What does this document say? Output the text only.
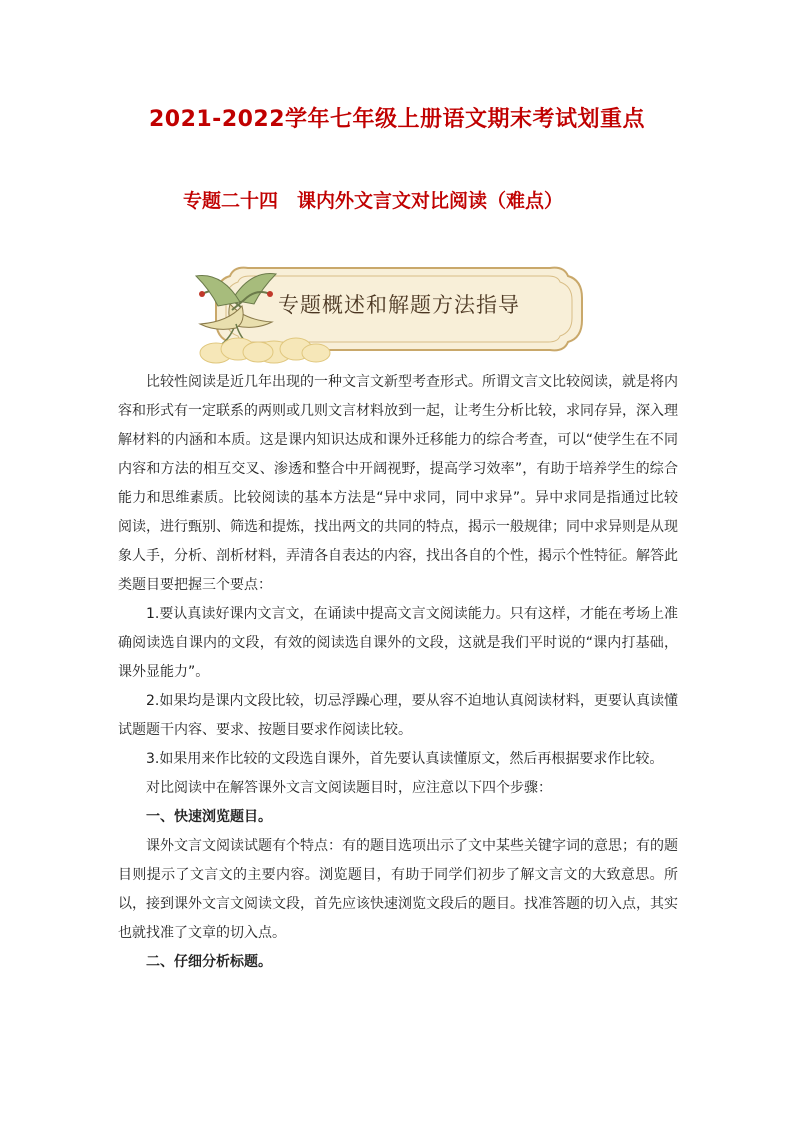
2021-2022学年七年级上册语文期末考试划重点
专题二十四　课内外文言文对比阅读（难点）
专题概述和解题方法指导

比较性阅读是近几年出现的一种文言文新型考查形式。所谓文言文比较阅读，就是将内容和形式有一定联系的两则或几则文言材料放到一起，让考生分析比较，求同存异，深入理解材料的内涵和本质。这是课内知识达成和课外迁移能力的综合考查，可以“使学生在不同内容和方法的相互交叉、渗透和整合中开阔视野，提高学习效率”，有助于培养学生的综合能力和思维素质。比较阅读的基本方法是“异中求同，同中求异”。异中求同是指通过比较阅读，进行甄别、筛选和提炼，找出两文的共同的特点，揭示一般规律；同中求异则是从现象人手，分析、剖析材料，弄清各自表达的内容，找出各自的个性，揭示个性特征。解答此类题目要把握三个要点：

1.要认真读好课内文言文，在诵读中提高文言文阅读能力。只有这样，才能在考场上准确阅读选自课内的文段，有效的阅读选自课外的文段，这就是我们平时说的“课内打基础，课外显能力”。

2.如果均是课内文段比较，切忌浮躁心理，要从容不迫地认真阅读材料，更要认真读懂试题题干内容、要求、按题目要求作阅读比较。

3.如果用来作比较的文段选自课外，首先要认真读懂原文，然后再根据要求作比较。

对比阅读中在解答课外文言文阅读题目时，应注意以下四个步骤：

一、快速浏览题目。

课外文言文阅读试题有个特点：有的题目选项出示了文中某些关键字词的意思；有的题目则提示了文言文的主要内容。浏览题目，有助于同学们初步了解文言文的大致意思。所以，接到课外文言文阅读文段，首先应该快速浏览文段后的题目。找准答题的切入点，其实也就找准了文章的切入点。

二、仔细分析标题。
